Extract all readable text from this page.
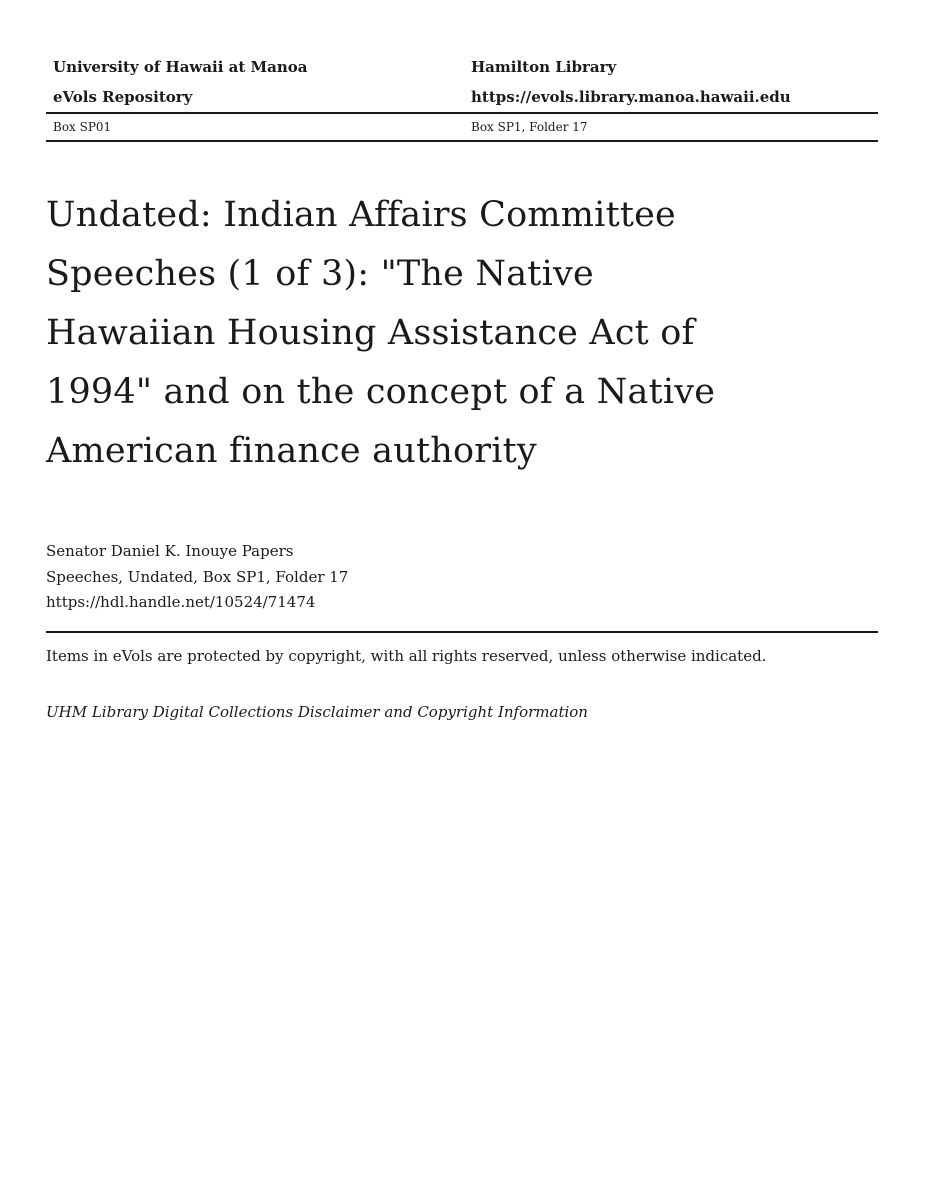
University of Hawaii at Manoa	Hamilton Library
eVols Repository	https://evols.library.manoa.hawaii.edu
Box SP01	Box SP1, Folder 17
Undated: Indian Affairs Committee
Speeches (1 of 3): "The Native
Hawaiian Housing Assistance Act of
1994" and on the concept of a Native
American finance authority
Senator Daniel K. Inouye Papers
Speeches, Undated, Box SP1, Folder 17
https://hdl.handle.net/10524/71474
Items in eVols are protected by copyright, with all rights reserved, unless otherwise indicated.
UHM Library Digital Collections Disclaimer and Copyright Information
